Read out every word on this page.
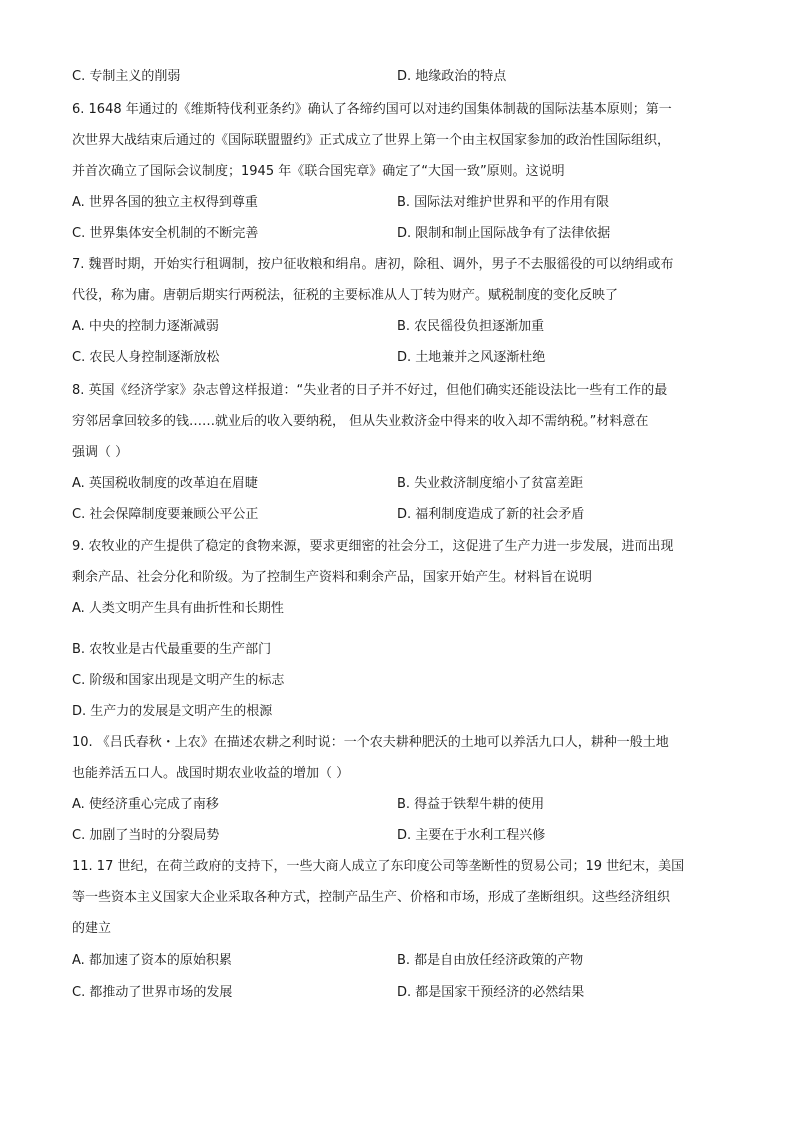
C. 专制主义的削弱	D. 地缘政治的特点
6. 1648 年通过的《维斯特伐利亚条约》确认了各缔约国可以对违约国集体制裁的国际法基本原则；第一
次世界大战结束后通过的《国际联盟盟约》正式成立了世界上第一个由主权国家参加的政治性国际组织，
并首次确立了国际会议制度；1945 年《联合国宪章》确定了“大国一致”原则。这说明
A. 世界各国的独立主权得到尊重	B. 国际法对维护世界和平的作用有限
C. 世界集体安全机制的不断完善	D. 限制和制止国际战争有了法律依据
7. 魏晋时期，开始实行租调制，按户征收粮和绢帛。唐初，除租、调外，男子不去服徭役的可以纳绢或布
代役，称为庸。唐朝后期实行两税法，征税的主要标准从人丁转为财产。赋税制度的变化反映了
A. 中央的控制力逐渐减弱	B. 农民徭役负担逐渐加重
C. 农民人身控制逐渐放松	D. 土地兼并之风逐渐杜绝
8. 英国《经济学家》杂志曾这样报道：“失业者的日子并不好过，但他们确实还能设法比一些有工作的最
穷邻居拿回较多的钱……就业后的收入要纳税， 但从失业救济金中得来的收入却不需纳税。”材料意在
强调（ ）
A. 英国税收制度的改革迫在眉睫	B. 失业救济制度缩小了贫富差距
C. 社会保障制度要兼顾公平公正	D. 福利制度造成了新的社会矛盾
9. 农牧业的产生提供了稳定的食物来源，要求更细密的社会分工，这促进了生产力进一步发展，进而出现
剩余产品、社会分化和阶级。为了控制生产资料和剩余产品，国家开始产生。材料旨在说明
A. 人类文明产生具有曲折性和长期性
B. 农牧业是古代最重要的生产部门
C. 阶级和国家出现是文明产生的标志
D. 生产力的发展是文明产生的根源
10. 《吕氏春秋・上农》在描述农耕之利时说：一个农夫耕种肥沃的土地可以养活九口人，耕种一般土地
也能养活五口人。战国时期农业收益的增加（ ）
A. 使经济重心完成了南移	B. 得益于铁犁牛耕的使用
C. 加剧了当时的分裂局势	D. 主要在于水利工程兴修
11. 17 世纪，在荷兰政府的支持下，一些大商人成立了东印度公司等垄断性的贸易公司；19 世纪末，美国
等一些资本主义国家大企业采取各种方式，控制产品生产、价格和市场，形成了垄断组织。这些经济组织
的建立
A. 都加速了资本的原始积累	B. 都是自由放任经济政策的产物
C. 都推动了世界市场的发展	D. 都是国家干预经济的必然结果
